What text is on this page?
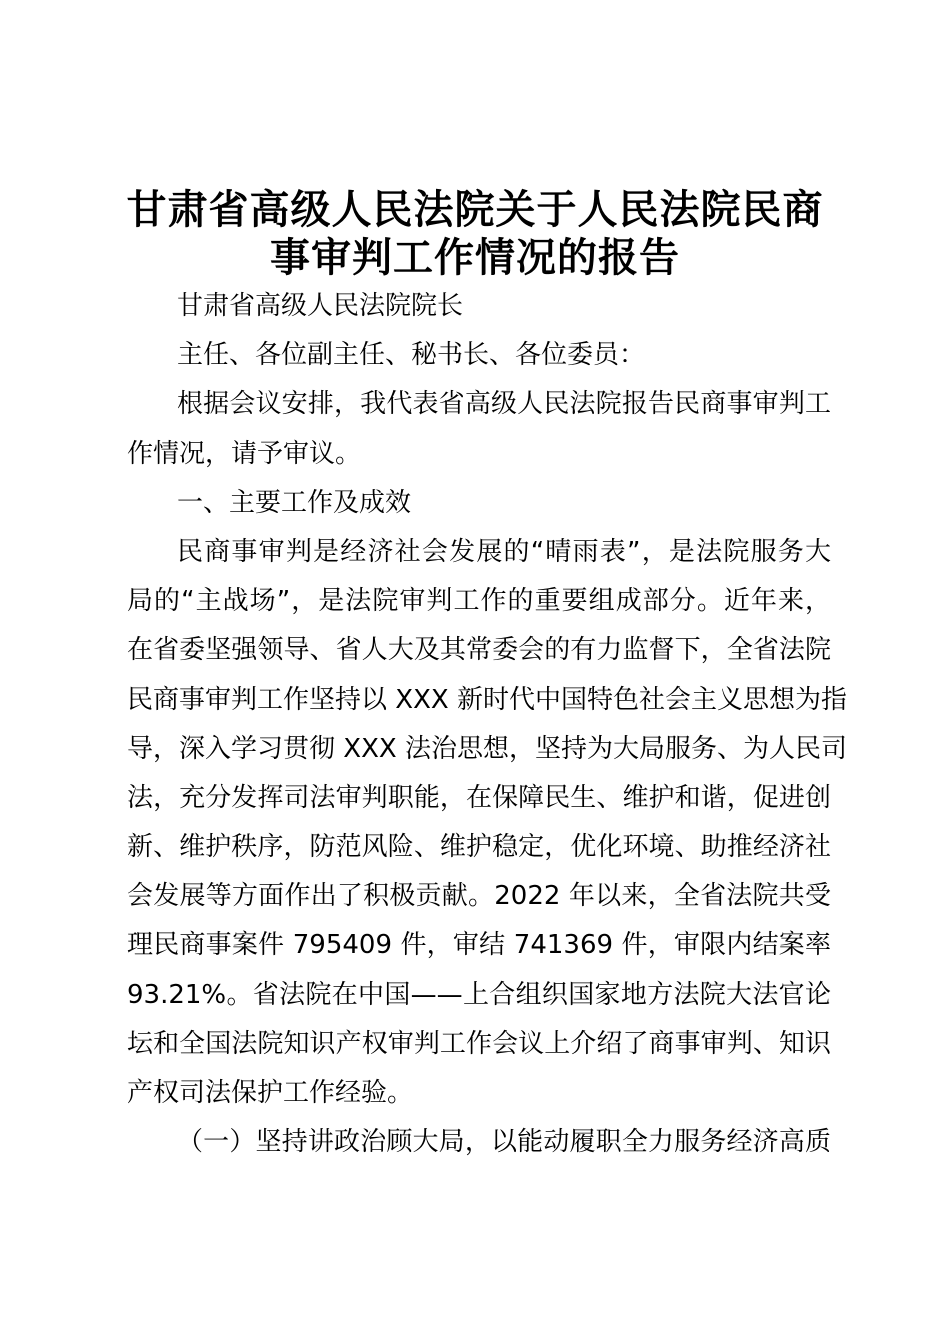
甘肃省高级人民法院关于人民法院民商
事审判工作情况的报告
甘肃省高级人民法院院长
主任、各位副主任、秘书长、各位委员：
根据会议安排，我代表省高级人民法院报告民商事审判工
作情况，请予审议。
一、主要工作及成效
民商事审判是经济社会发展的“晴雨表”，是法院服务大
局的“主战场”，是法院审判工作的重要组成部分。近年来，
在省委坚强领导、省人大及其常委会的有力监督下，全省法院
民商事审判工作坚持以 XXX 新时代中国特色社会主义思想为指
导，深入学习贯彻 XXX 法治思想，坚持为大局服务、为人民司
法，充分发挥司法审判职能，在保障民生、维护和谐，促进创
新、维护秩序，防范风险、维护稳定，优化环境、助推经济社
会发展等方面作出了积极贡献。2022 年以来，全省法院共受
理民商事案件 795409 件，审结 741369 件，审限内结案率
93.21%。省法院在中国——上合组织国家地方法院大法官论
坛和全国法院知识产权审判工作会议上介绍了商事审判、知识
产权司法保护工作经验。
（一）坚持讲政治顾大局，以能动履职全力服务经济高质
